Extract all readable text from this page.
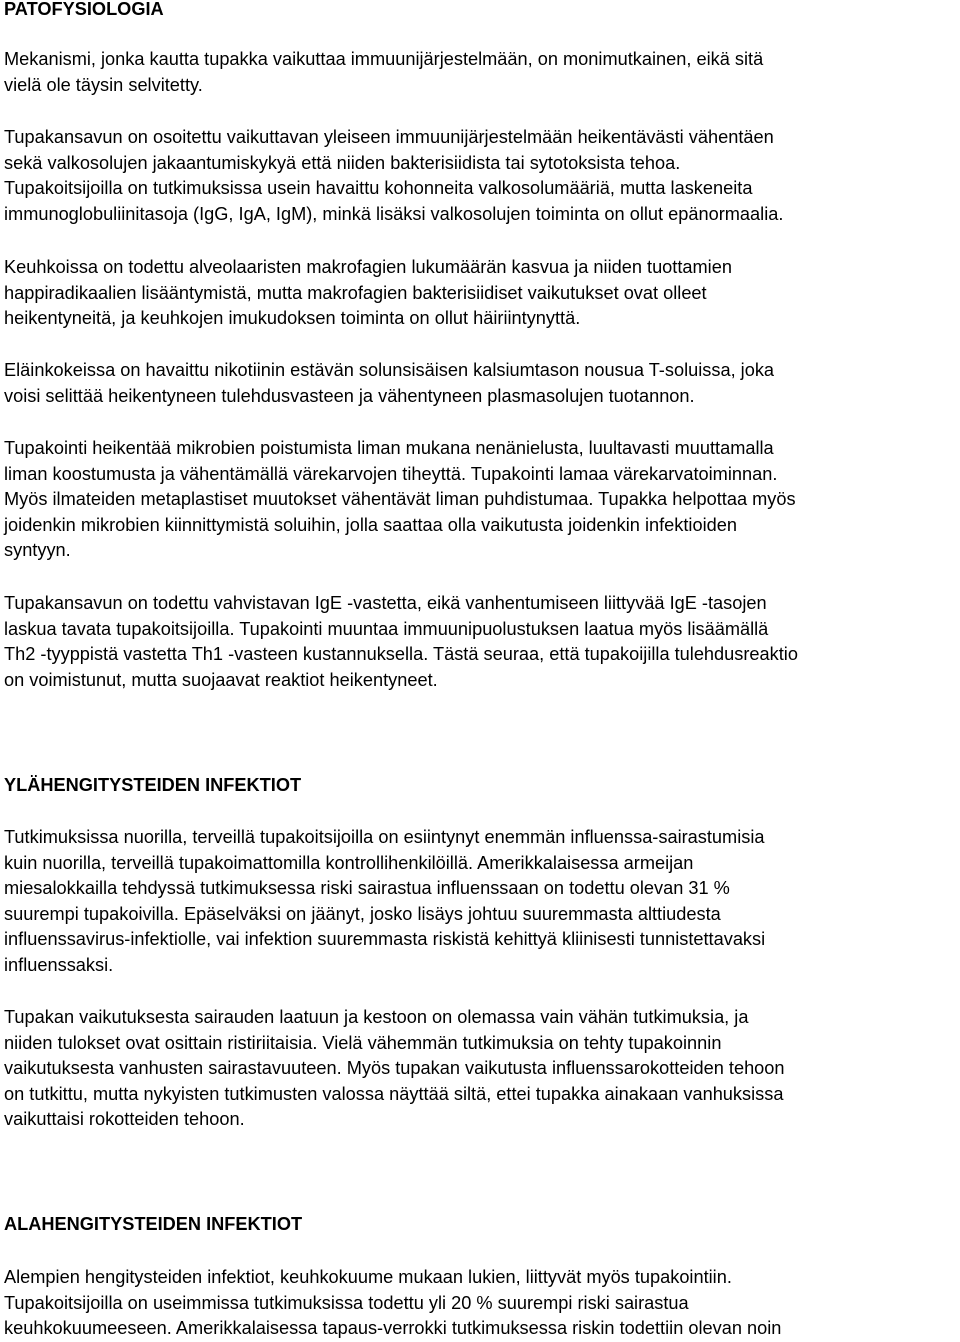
PATOFYSIOLOGIA
Mekanismi, jonka kautta tupakka vaikuttaa immuunijärjestelmään, on monimutkainen, eikä sitä
vielä ole täysin selvitetty.
Tupakansavun on osoitettu vaikuttavan yleiseen immuunijärjestelmään heikentävästi vähentäen
sekä valkosolujen jakaantumiskykyä että niiden bakterisiidista tai sytotoksista tehoa.
Tupakoitsijoilla on tutkimuksissa usein havaittu kohonneita valkosolumääriä, mutta laskeneita
immunoglobuliinitasoja (IgG, IgA, IgM), minkä lisäksi valkosolujen toiminta on ollut epänormaalia.
Keuhkoissa on todettu alveolaaristen makrofagien lukumäärän kasvua ja niiden tuottamien
happiradikaalien lisääntymistä, mutta makrofagien bakterisiidiset vaikutukset ovat olleet
heikentyneitä, ja keuhkojen imukudoksen toiminta on ollut häiriintynyttä.
Eläinkokeissa on havaittu nikotiinin estävän solunsisäisen kalsiumtason nousua T-soluissa, joka
voisi selittää heikentyneen tulehdusvasteen ja vähentyneen plasmasolujen tuotannon.
Tupakointi heikentää mikrobien poistumista liman mukana nenänielusta, luultavasti muuttamalla
liman koostumusta ja vähentämällä värekarvojen tiheyttä. Tupakointi lamaa värekarvatoiminnan.
Myös ilmateiden metaplastiset muutokset vähentävät liman puhdistumaa. Tupakka helpottaa myös
joidenkin mikrobien kiinnittymistä soluihin, jolla saattaa olla vaikutusta joidenkin infektioiden
syntyyn.
Tupakansavun on todettu vahvistavan IgE -vastetta, eikä vanhentumiseen liittyvää IgE -tasojen
laskua tavata tupakoitsijoilla. Tupakointi muuntaa immuunipuolustuksen laatua myös lisäämällä
Th2 -tyyppistä vastetta Th1 -vasteen kustannuksella. Tästä seuraa, että tupakoijilla tulehdusreaktio
on voimistunut, mutta suojaavat reaktiot heikentyneet.
YLÄHENGITYSTEIDEN INFEKTIOT
Tutkimuksissa nuorilla, terveillä tupakoitsijoilla on esiintynyt enemmän influenssa-sairastumisia
kuin nuorilla, terveillä tupakoimattomilla kontrollihenkilöillä. Amerikkalaisessa armeijan
miesalokkailla tehdyssä tutkimuksessa riski sairastua influenssaan on todettu olevan 31 %
suurempi tupakoivilla. Epäselväksi on jäänyt, josko lisäys johtuu suuremmasta alttiudesta
influenssavirus-infektiolle, vai infektion suuremmasta riskistä kehittyä kliinisesti tunnistettavaksi
influenssaksi.
Tupakan vaikutuksesta sairauden laatuun ja kestoon on olemassa vain vähän tutkimuksia, ja
niiden tulokset ovat osittain ristiriitaisia. Vielä vähemmän tutkimuksia on tehty tupakoinnin
vaikutuksesta vanhusten sairastavuuteen. Myös tupakan vaikutusta influenssarokotteiden tehoon
on tutkittu, mutta nykyisten tutkimusten valossa näyttää siltä, ettei tupakka ainakaan vanhuksissa
vaikuttaisi rokotteiden tehoon.
ALAHENGITYSTEIDEN INFEKTIOT
Alempien hengitysteiden infektiot, keuhkokuume mukaan lukien, liittyvät myös tupakointiin.
Tupakoitsijoilla on useimmissa tutkimuksissa todettu yli 20 % suurempi riski sairastua
keuhkokuumeeseen. Amerikkalaisessa tapaus-verrokki tutkimuksessa riskin todettiin olevan noin
